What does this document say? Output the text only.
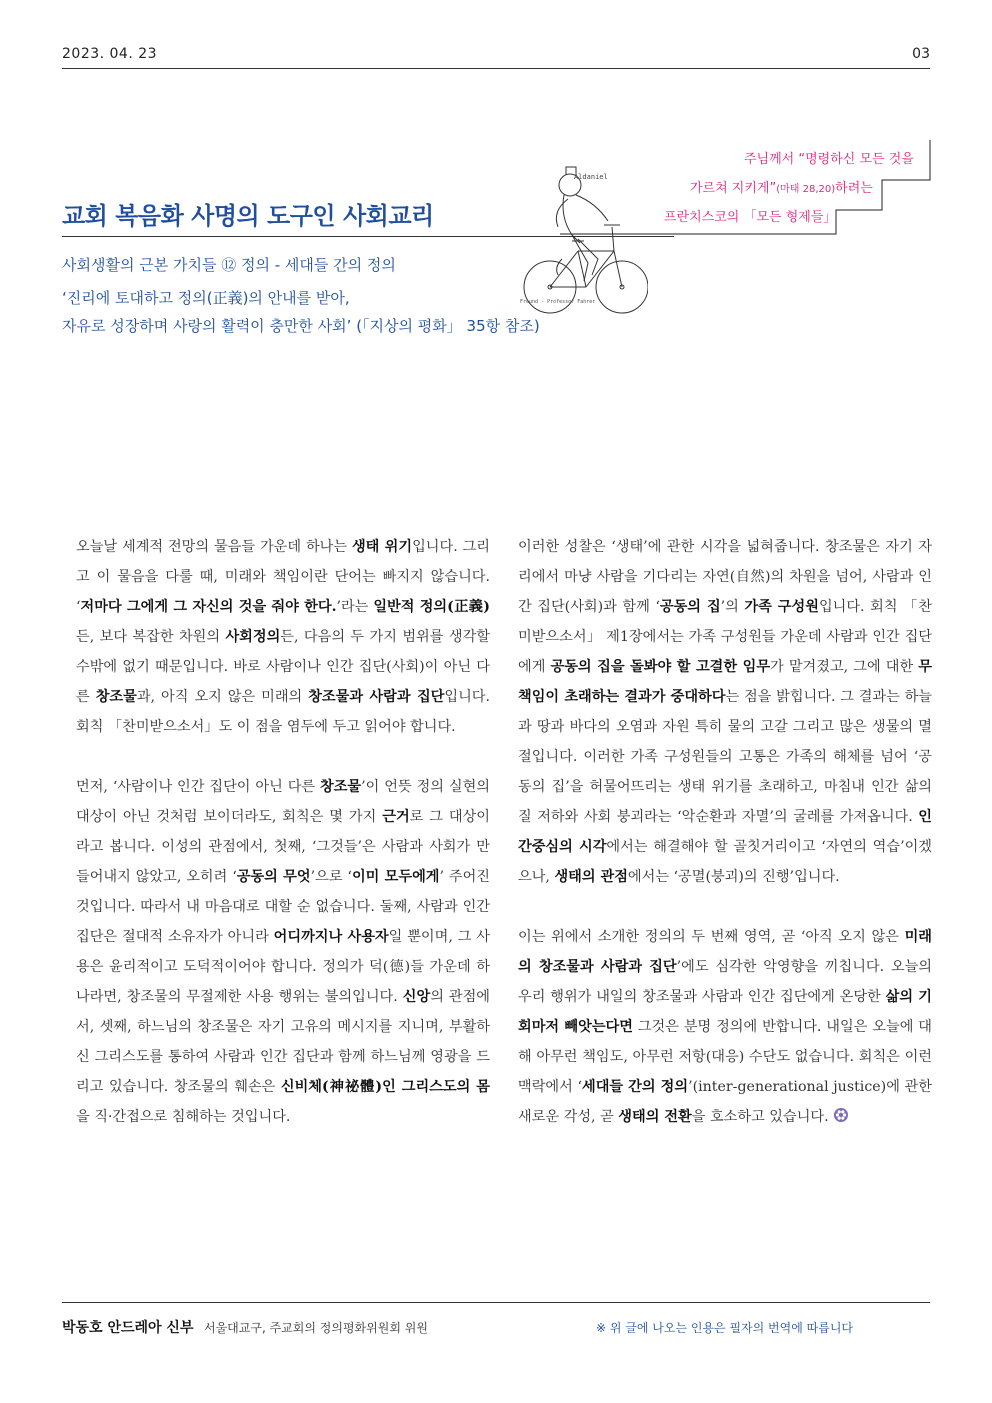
2023. 04. 23	03
주님께서 “명령하신 모든 것을
가르쳐 지키게”(마태 28,20)하려는
프란치스코의 「모든 형제들」
교회 복음화 사명의 도구인 사회교리
Aldaniel
Freund - Professor Fahrer
사회생활의 근본 가치들 ⑫ 정의 - 세대들 간의 정의
‘진리에 토대하고 정의(正義)의 안내를 받아,
자유로 성장하며 사랑의 활력이 충만한 사회’ (「지상의 평화」 35항 참조)

오늘날 세계적 전망의 물음들 가운데 하나는 생태 위기입니다. 그리고 이 물음을 다룰 때, 미래와 책임이란 단어는 빠지지 않습니다. ‘저마다 그에게 그 자신의 것을 줘야 한다.’라는 일반적 정의(正義)든, 보다 복잡한 차원의 사회정의든, 다음의 두 가지 범위를 생각할 수밖에 없기 때문입니다. 바로 사람이나 인간 집단(사회)이 아닌 다른 창조물과, 아직 오지 않은 미래의 창조물과 사람과 집단입니다. 회칙 「찬미받으소서」도 이 점을 염두에 두고 읽어야 합니다.

먼저, ‘사람이나 인간 집단이 아닌 다른 창조물’이 언뜻 정의 실현의 대상이 아닌 것처럼 보이더라도, 회칙은 몇 가지 근거로 그 대상이라고 봅니다. 이성의 관점에서, 첫째, ‘그것들’은 사람과 사회가 만들어내지 않았고, 오히려 ‘공동의 무엇’으로 ‘이미 모두에게’ 주어진 것입니다. 따라서 내 마음대로 대할 순 없습니다. 둘째, 사람과 인간 집단은 절대적 소유자가 아니라 어디까지나 사용자일 뿐이며, 그 사용은 윤리적이고 도덕적이어야 합니다. 정의가 덕(德)들 가운데 하나라면, 창조물의 무절제한 사용 행위는 불의입니다. 신앙의 관점에서, 셋째, 하느님의 창조물은 자기 고유의 메시지를 지니며, 부활하신 그리스도를 통하여 사람과 인간 집단과 함께 하느님께 영광을 드리고 있습니다. 창조물의 훼손은 신비체(神祕體)인 그리스도의 몸을 직·간접으로 침해하는 것입니다.

이러한 성찰은 ‘생태’에 관한 시각을 넓혀줍니다. 창조물은 자기 자리에서 마냥 사람을 기다리는 자연(自然)의 차원을 넘어, 사람과 인간 집단(사회)과 함께 ‘공동의 집’의 가족 구성원입니다. 회칙 「찬미받으소서」 제1장에서는 가족 구성원들 가운데 사람과 인간 집단에게 공동의 집을 돌봐야 할 고결한 임무가 맡겨졌고, 그에 대한 무책임이 초래하는 결과가 중대하다는 점을 밝힙니다. 그 결과는 하늘과 땅과 바다의 오염과 자원 특히 물의 고갈 그리고 많은 생물의 멸절입니다. 이러한 가족 구성원들의 고통은 가족의 해체를 넘어 ‘공동의 집’을 허물어뜨리는 생태 위기를 초래하고, 마침내 인간 삶의 질 저하와 사회 붕괴라는 ‘악순환과 자멸’의 굴레를 가져옵니다. 인간중심의 시각에서는 해결해야 할 골칫거리이고 ‘자연의 역습’이겠으나, 생태의 관점에서는 ‘공멸(붕괴)의 진행’입니다.

이는 위에서 소개한 정의의 두 번째 영역, 곧 ‘아직 오지 않은 미래의 창조물과 사람과 집단’에도 심각한 악영향을 끼칩니다. 오늘의 우리 행위가 내일의 창조물과 사람과 인간 집단에게 온당한 삶의 기회마저 빼앗는다면 그것은 분명 정의에 반합니다. 내일은 오늘에 대해 아무런 책임도, 아무런 저항(대응) 수단도 없습니다. 회칙은 이런 맥락에서 ‘세대들 간의 정의’(inter-generational justice)에 관한 새로운 각성, 곧 생태의 전환을 호소하고 있습니다.

박동호 안드레아 신부 서울대교구, 주교회의 정의평화위원회 위원	※ 위 글에 나오는 인용은 필자의 번역에 따릅니다
